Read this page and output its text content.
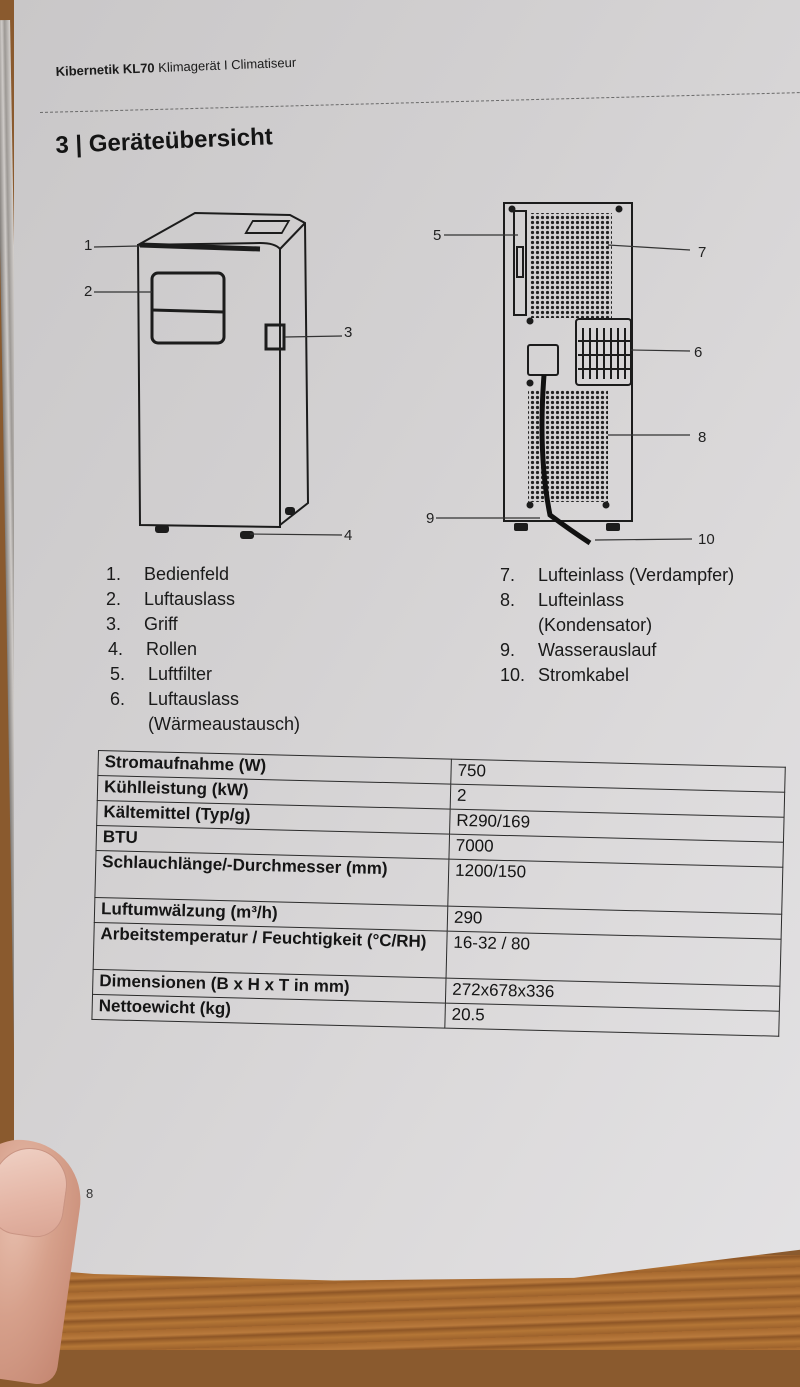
Kibernetik KL70 Klimagerät I Climatiseur
3 | Geräteübersicht
1
2
3
4
5
6
7
8
9
10
1.	Bedienfeld
2.	Luftauslass
3.	Griff
4.	Rollen
5.	Luftfilter
6.	Luftauslass
(Wärmeaustausch)
7.	Lufteinlass (Verdampfer)
8.	Lufteinlass
(Kondensator)
9.	Wasserauslauf
10. Stromkabel
Stromaufnahme (W)	750
Kühlleistung (kW)	2
Kältemittel (Typ/g)	R290/169
BTU	7000
Schlauchlänge/-Durchmesser (mm)	1200/150
Luftumwälzung (m³/h)	290
Arbeitstemperatur / Feuchtigkeit (°C/RH)	16-32 / 80
Dimensionen (B x H x T in mm)	272x678x336
Nettoewicht (kg)	20.5
8
